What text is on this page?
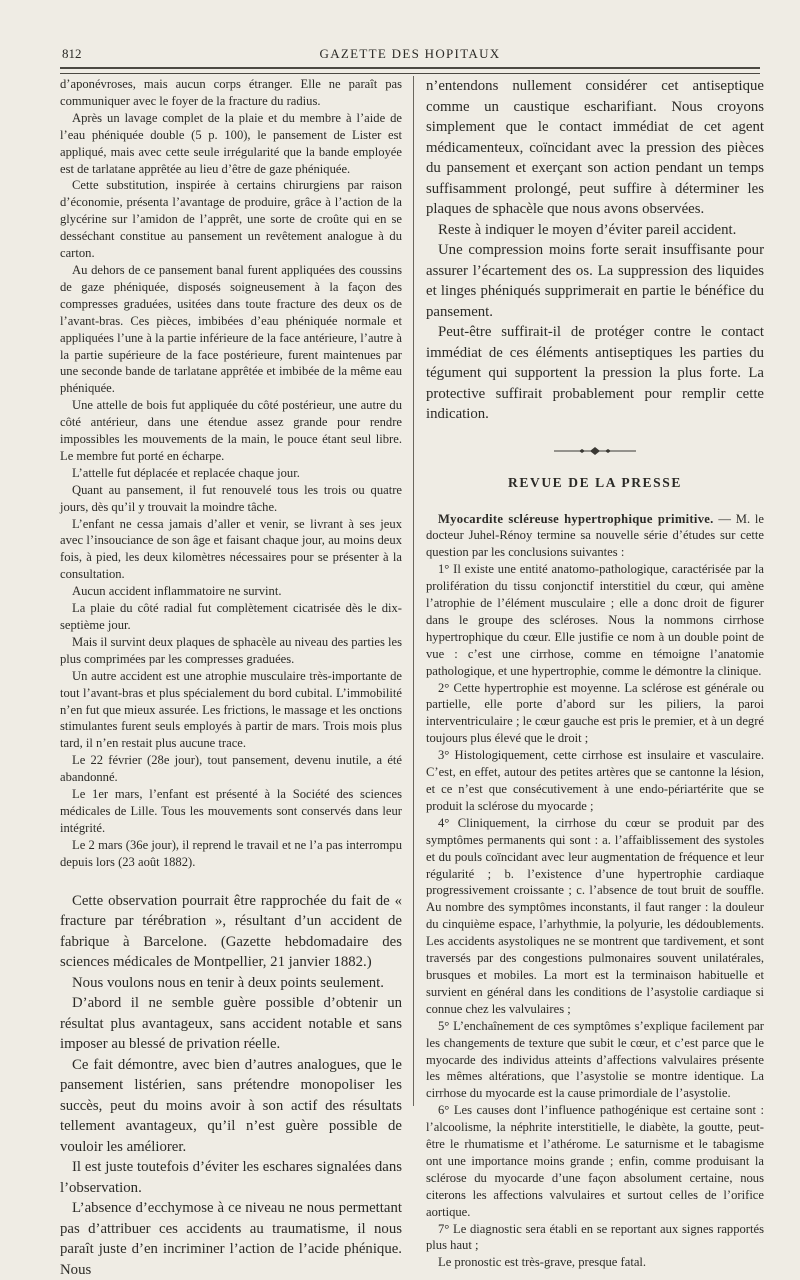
812	GAZETTE DES HOPITAUX

d’aponévroses, mais aucun corps étranger. Elle ne paraît pas communiquer avec le foyer de la fracture du radius.

Après un lavage complet de la plaie et du membre à l’aide de l’eau phéniquée double (5 p. 100), le pansement de Lister est appliqué, mais avec cette seule irrégularité que la bande employée est de tarlatane apprêtée au lieu d’être de gaze phéniquée.

Cette substitution, inspirée à certains chirurgiens par raison d’économie, présenta l’avantage de produire, grâce à l’action de la glycérine sur l’amidon de l’apprêt, une sorte de croûte qui en se desséchant constitue au pansement un revêtement analogue à du carton.

Au dehors de ce pansement banal furent appliquées des coussins de gaze phéniquée, disposés soigneusement à la façon des compresses graduées, usitées dans toute fracture des deux os de l’avant-bras. Ces pièces, imbibées d’eau phéniquée normale et appliquées l’une à la partie inférieure de la face antérieure, l’autre à la partie supérieure de la face postérieure, furent maintenues par une seconde bande de tarlatane apprêtée et imbibée de la même eau phéniquée.

Une attelle de bois fut appliquée du côté postérieur, une autre du côté antérieur, dans une étendue assez grande pour rendre impossibles les mouvements de la main, le pouce étant seul libre. Le membre fut porté en écharpe.

L’attelle fut déplacée et replacée chaque jour.

Quant au pansement, il fut renouvelé tous les trois ou quatre jours, dès qu’il y trouvait la moindre tâche.

L’enfant ne cessa jamais d’aller et venir, se livrant à ses jeux avec l’insouciance de son âge et faisant chaque jour, au moins deux fois, à pied, les deux kilomètres nécessaires pour se présenter à la consultation.

Aucun accident inflammatoire ne survint.

La plaie du côté radial fut complètement cicatrisée dès le dix-septième jour.

Mais il survint deux plaques de sphacèle au niveau des parties les plus comprimées par les compresses graduées.

Un autre accident est une atrophie musculaire très-importante de tout l’avant-bras et plus spécialement du bord cubital. L’immobilité n’en fut que mieux assurée. Les frictions, le massage et les onctions stimulantes furent seuls employés à partir de mars. Trois mois plus tard, il n’en restait plus aucune trace.

Le 22 février (28e jour), tout pansement, devenu inutile, a été abandonné.

Le 1er mars, l’enfant est présenté à la Société des sciences médicales de Lille. Tous les mouvements sont conservés dans leur intégrité.

Le 2 mars (36e jour), il reprend le travail et ne l’a pas interrompu depuis lors (23 août 1882).

Cette observation pourrait être rapprochée du fait de « fracture par térébration », résultant d’un accident de fabrique à Barcelone. (Gazette hebdomadaire des sciences médicales de Montpellier, 21 janvier 1882.)

Nous voulons nous en tenir à deux points seulement.

D’abord il ne semble guère possible d’obtenir un résultat plus avantageux, sans accident notable et sans imposer au blessé de privation réelle.

Ce fait démontre, avec bien d’autres analogues, que le pansement listérien, sans prétendre monopoliser les succès, peut du moins avoir à son actif des résultats tellement avantageux, qu’il n’est guère possible de vouloir les améliorer.

Il est juste toutefois d’éviter les eschares signalées dans l’observation.

L’absence d’ecchymose à ce niveau ne nous permettant pas d’attribuer ces accidents au traumatisme, il nous paraît juste d’en incriminer l’action de l’acide phénique. Nous

n’entendons nullement considérer cet antiseptique comme un caustique escharifiant. Nous croyons simplement que le contact immédiat de cet agent médicamenteux, coïncidant avec la pression des pièces du pansement et exerçant son action pendant un temps suffisamment prolongé, peut suffire à déterminer les plaques de sphacèle que nous avons observées.

Reste à indiquer le moyen d’éviter pareil accident.

Une compression moins forte serait insuffisante pour assurer l’écartement des os. La suppression des liquides et linges phéniqués supprimerait en partie le bénéfice du pansement.

Peut-être suffirait-il de protéger contre le contact immédiat de ces éléments antiseptiques les parties du tégument qui supportent la pression la plus forte. La protective suffirait probablement pour remplir cette indication.

REVUE DE LA PRESSE

Myocardite scléreuse hypertrophique primitive. — M. le docteur Juhel-Rénoy termine sa nouvelle série d’études sur cette question par les conclusions suivantes :

1° Il existe une entité anatomo-pathologique, caractérisée par la prolifération du tissu conjonctif interstitiel du cœur, qui amène l’atrophie de l’élément musculaire ; elle a donc droit de figurer dans le groupe des scléroses. Nous la nommons cirrhose hypertrophique du cœur. Elle justifie ce nom à un double point de vue : c’est une cirrhose, comme en témoigne l’anatomie pathologique, et une hypertrophie, comme le démontre la clinique.

2° Cette hypertrophie est moyenne. La sclérose est générale ou partielle, elle porte d’abord sur les piliers, la paroi interventriculaire ; le cœur gauche est pris le premier, et à un degré toujours plus élevé que le droit ;

3° Histologiquement, cette cirrhose est insulaire et vasculaire. C’est, en effet, autour des petites artères que se cantonne la lésion, et ce n’est que consécutivement à une endo-périartérite que se produit la sclérose du myocarde ;

4° Cliniquement, la cirrhose du cœur se produit par des symptômes permanents qui sont : a. l’affaiblissement des systoles et du pouls coïncidant avec leur augmentation de fréquence et leur régularité ; b. l’existence d’une hypertrophie cardiaque progressivement croissante ; c. l’absence de tout bruit de souffle. Au nombre des symptômes inconstants, il faut ranger : la douleur du cinquième espace, l’arhythmie, la polyurie, les dédoublements. Les accidents asystoliques ne se montrent que tardivement, et sont traversés par des congestions pulmonaires souvent unilatérales, brusques et mobiles. La mort est la terminaison habituelle et survient en général dans les conditions de l’asystolie cardiaque si connue chez les valvulaires ;

5° L’enchaînement de ces symptômes s’explique facilement par les changements de texture que subit le cœur, et c’est parce que le myocarde des individus atteints d’affections valvulaires présente les mêmes altérations, que l’asystolie se montre identique. La cirrhose du myocarde est la cause primordiale de l’asystolie.

6° Les causes dont l’influence pathogénique est certaine sont : l’alcoolisme, la néphrite interstitielle, le diabète, la goutte, peut-être le rhumatisme et l’athérome. Le saturnisme et le tabagisme ont une importance moins grande ; enfin, comme produisant la sclérose du myocarde d’une façon absolument certaine, nous citerons les affections valvulaires et surtout celles de l’orifice aortique.

7° Le diagnostic sera établi en se reportant aux signes rapportés plus haut ;

Le pronostic est très-grave, presque fatal.
